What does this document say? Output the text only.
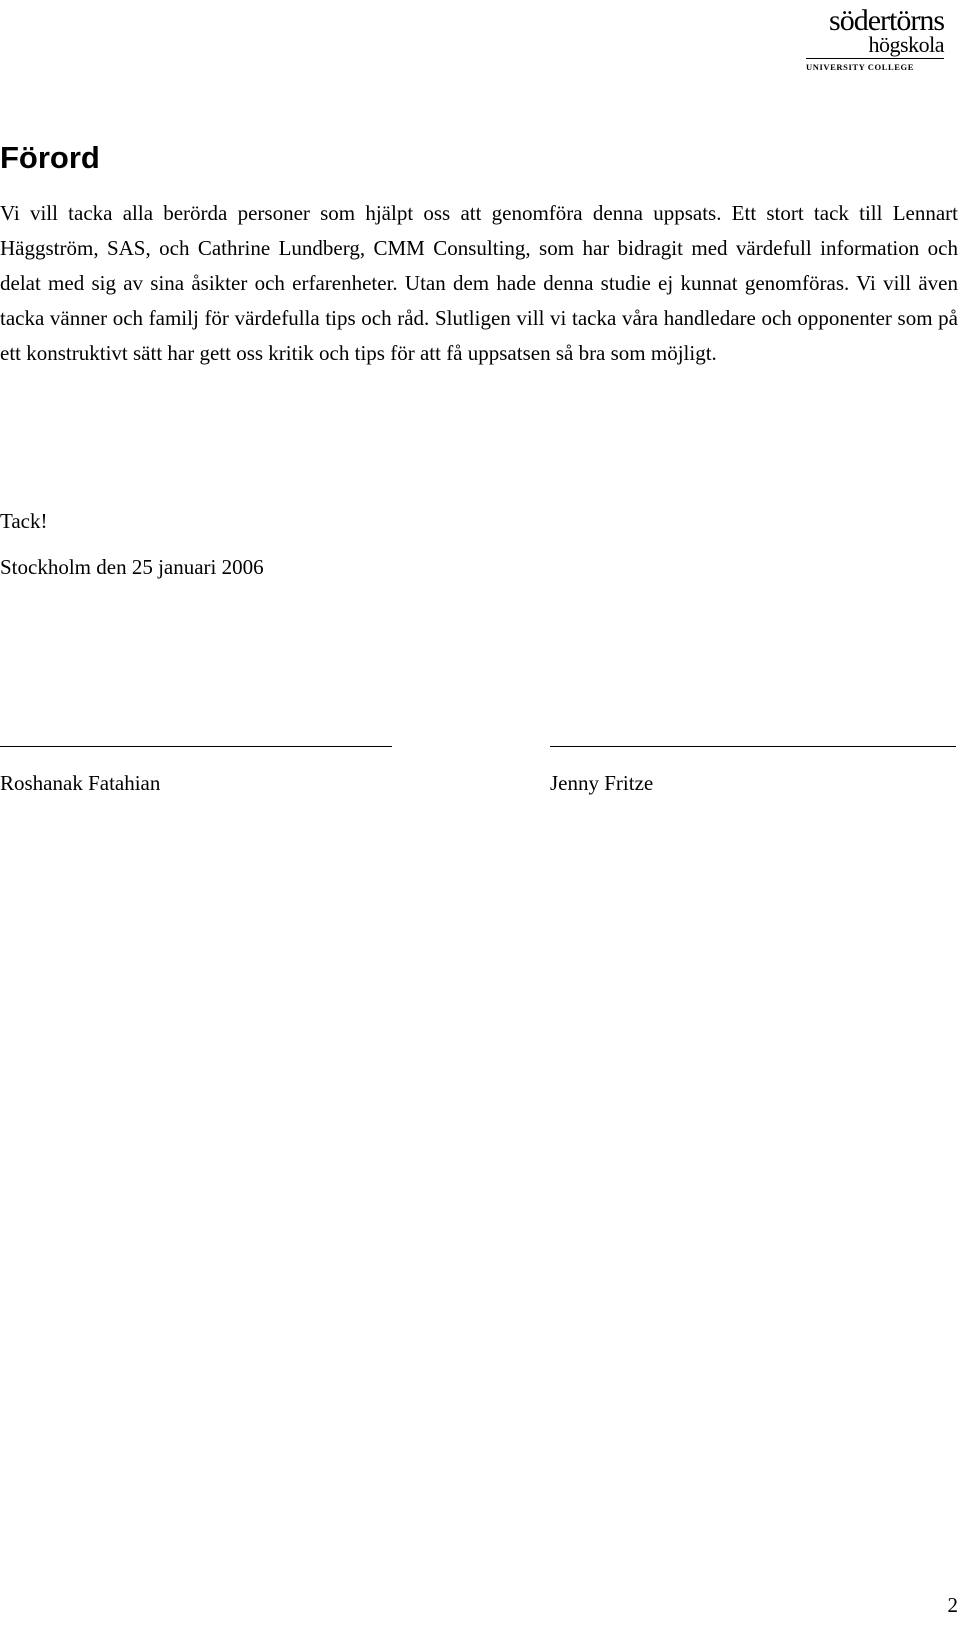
södertörns
högskola
UNIVERSITY COLLEGE
Förord

Vi vill tacka alla berörda personer som hjälpt oss att genomföra denna uppsats. Ett stort tack till Lennart Häggström, SAS, och Cathrine Lundberg, CMM Consulting, som har bidragit med värdefull information och delat med sig av sina åsikter och erfarenheter. Utan dem hade denna studie ej kunnat genomföras. Vi vill även tacka vänner och familj för värdefulla tips och råd. Slutligen vill vi tacka våra handledare och opponenter som på ett konstruktivt sätt har gett oss kritik och tips för att få uppsatsen så bra som möjligt.

Tack!

Stockholm den 25 januari 2006

Roshanak Fatahian	Jenny Fritze

2
